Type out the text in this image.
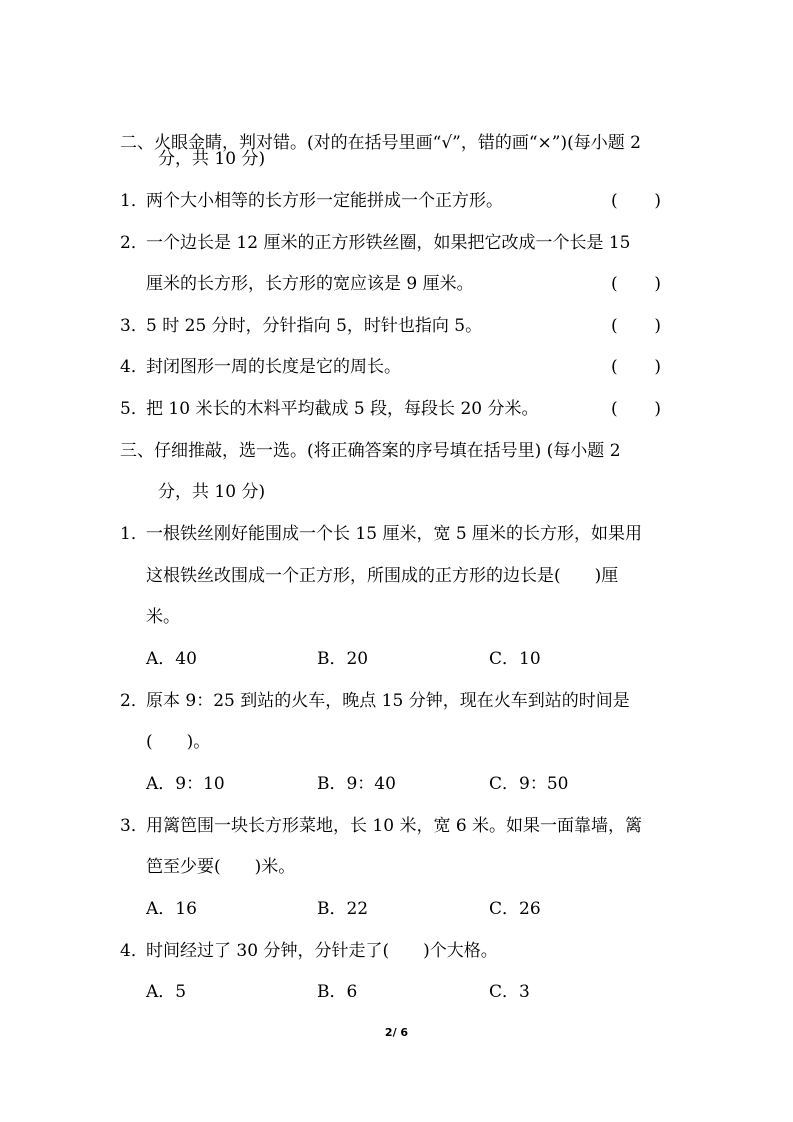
二、火眼金睛，判对错。(对的在括号里画“√”，错的画“×”)(每小题 2
分，共 10 分)
1．
两个大小相等的长方形一定能拼成一个正方形。	( )
2．
一个边长是 12 厘米的正方形铁丝圈，如果把它改成一个长是 15
厘米的长方形，长方形的宽应该是 9 厘米。	( )
3．
5 时 25 分时，分针指向 5，时针也指向 5。	( )
4．
封闭图形一周的长度是它的周长。	( )
5．
把 10 米长的木料平均截成 5 段，每段长 20 分米。	( )
三、仔细推敲，选一选。(将正确答案的序号填在括号里) (每小题 2
分，共 10 分)
1．
一根铁丝刚好能围成一个长 15 厘米，宽 5 厘米的长方形，如果用
这根铁丝改围成一个正方形，所围成的正方形的边长是(　　)厘
米。
A．40	B．20	C．10
2．
原本 9：25 到站的火车，晚点 15 分钟，现在火车到站的时间是
(　　)。
A．9：10	B．9：40	C．9：50
3．
用篱笆围一块长方形菜地，长 10 米，宽 6 米。如果一面靠墙，篱
笆至少要(　　)米。
A．16	B．22	C．26
4．
时间经过了 30 分钟，分针走了(　　)个大格。
A．5	B．6	C．3
2/ 6
